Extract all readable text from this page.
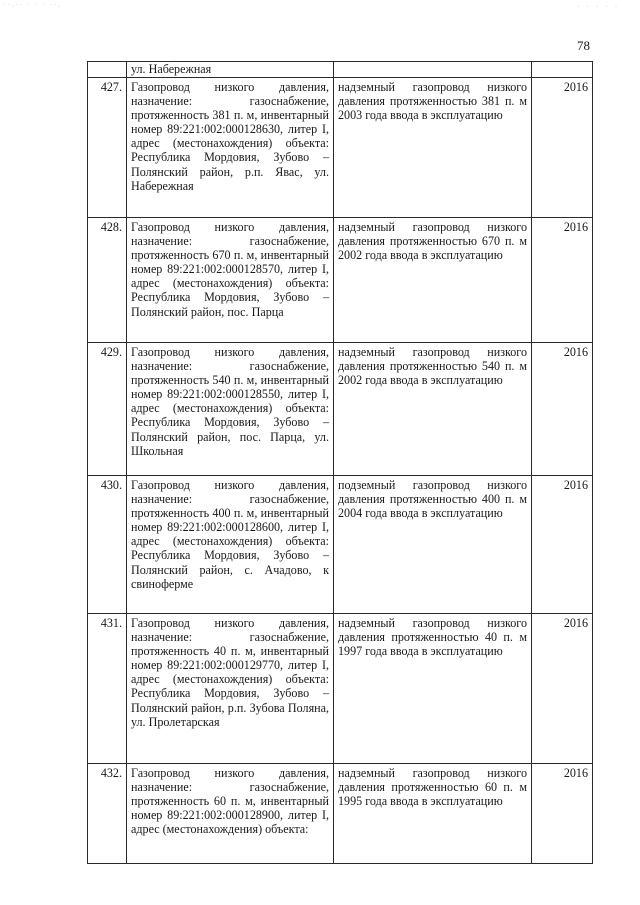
˙˙·˙˙ ˙ ˙ ˙ ˙˙·	· · · · ·
78
	ул. Набережная		
427.	Газопровод низкого давления, назначение: газоснабжение, протяженность 381 п. м, инвентарный номер 89:221:002:000128630, литер I, адрес (местонахождения) объекта: Республика Мордовия, Зубово – Полянский район, р.п. Явас, ул. Набережная	надземный газопровод низкого давления протяженностью 381 п. м 2003 года ввода в эксплуатацию	2016
428.	Газопровод низкого давления, назначение: газоснабжение, протяженность 670 п. м, инвентарный номер 89:221:002:000128570, литер I, адрес (местонахождения) объекта: Республика Мордовия, Зубово – Полянский район, пос. Парца	надземный газопровод низкого давления протяженностью 670 п. м 2002 года ввода в эксплуатацию	2016
429.	Газопровод низкого давления, назначение: газоснабжение, протяженность 540 п. м, инвентарный номер 89:221:002:000128550, литер I, адрес (местонахождения) объекта: Республика Мордовия, Зубово – Полянский район, пос. Парца, ул. Школьная	надземный газопровод низкого давления протяженностью 540 п. м 2002 года ввода в эксплуатацию	2016
430.	Газопровод низкого давления, назначение: газоснабжение, протяженность 400 п. м, инвентарный номер 89:221:002:000128600, литер I, адрес (местонахождения) объекта: Республика Мордовия, Зубово – Полянский район, с. Ачадово, к свиноферме	подземный газопровод низкого давления протяженностью 400 п. м 2004 года ввода в эксплуатацию	2016
431.	Газопровод низкого давления, назначение: газоснабжение, протяженность 40 п. м, инвентарный номер 89:221:002:000129770, литер I, адрес (местонахождения) объекта: Республика Мордовия, Зубово – Полянский район, р.п. Зубова Поляна, ул. Пролетарская	надземный газопровод низкого давления протяженностью 40 п. м 1997 года ввода в эксплуатацию	2016
432.	Газопровод низкого давления, назначение: газоснабжение, протяженность 60 п. м, инвентарный номер 89:221:002:000128900, литер I, адрес (местонахождения) объекта:	надземный газопровод низкого давления протяженностью 60 п. м 1995 года ввода в эксплуатацию	2016
